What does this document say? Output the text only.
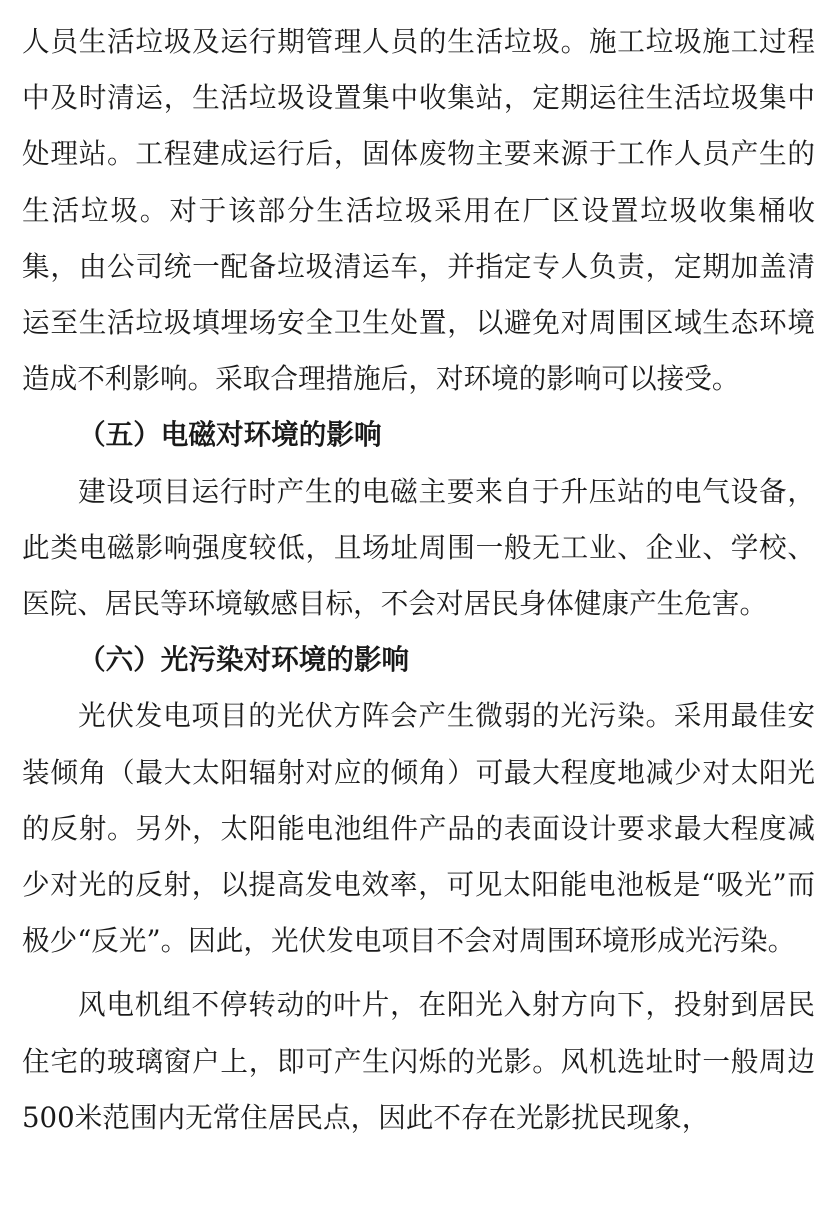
人员生活垃圾及运行期管理人员的生活垃圾。施工垃圾施工过程中及时清运，生活垃圾设置集中收集站，定期运往生活垃圾集中处理站。工程建成运行后，固体废物主要来源于工作人员产生的生活垃圾。对于该部分生活垃圾采用在厂区设置垃圾收集桶收集，由公司统一配备垃圾清运车，并指定专人负责，定期加盖清运至生活垃圾填埋场安全卫生处置，以避免对周围区域生态环境造成不利影响。采取合理措施后，对环境的影响可以接受。

（五）电磁对环境的影响

建设项目运行时产生的电磁主要来自于升压站的电气设备，此类电磁影响强度较低，且场址周围一般无工业、企业、学校、医院、居民等环境敏感目标，不会对居民身体健康产生危害。

（六）光污染对环境的影响

光伏发电项目的光伏方阵会产生微弱的光污染。采用最佳安装倾角（最大太阳辐射对应的倾角）可最大程度地减少对太阳光的反射。另外，太阳能电池组件产品的表面设计要求最大程度减少对光的反射，以提高发电效率，可见太阳能电池板是“吸光”而极少“反光”。因此，光伏发电项目不会对周围环境形成光污染。

风电机组不停转动的叶片，在阳光入射方向下，投射到居民住宅的玻璃窗户上，即可产生闪烁的光影。风机选址时一般周边500米范围内无常住居民点，因此不存在光影扰民现象，
